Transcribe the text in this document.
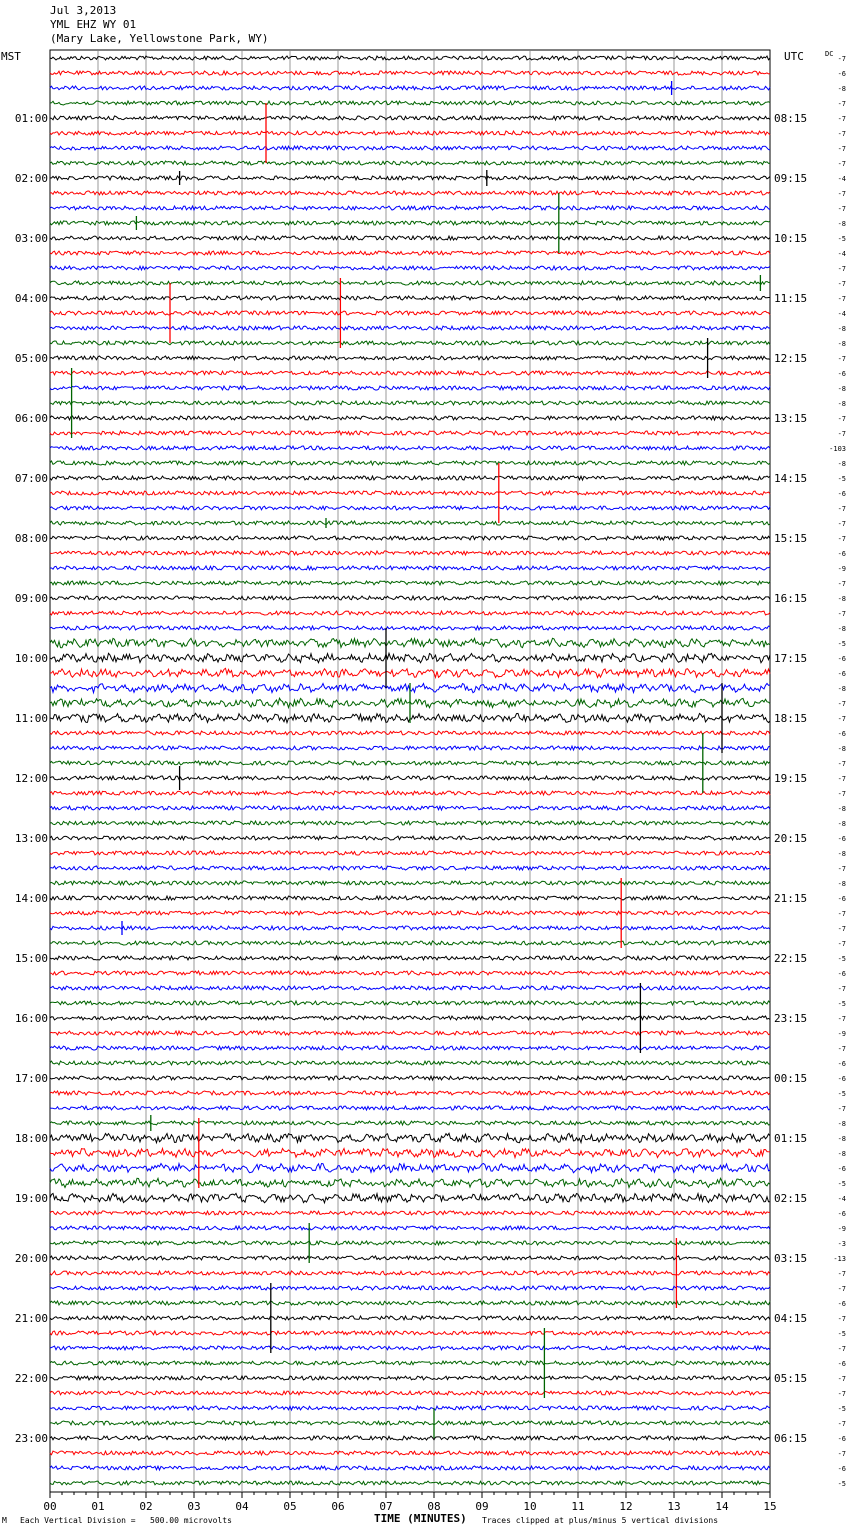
Jul 3,2013
YML EHZ WY 01
(Mary Lake, Yellowstone Park, WY)
MST	UTC
01:00
02:00
03:00
04:00
05:00
06:00
07:00
08:00
09:00
10:00
11:00
12:00
13:00
14:00
15:00
16:00
17:00
18:00
19:00
20:00
21:00
22:00
23:00
08:15
09:15
10:15
11:15
12:15
13:15
14:15
15:15
16:15
17:15
18:15
19:15
20:15
21:15
22:15
23:15
00:15
01:15
02:15
03:15
04:15
05:15
06:15
DC
-7
-6
-8
-7
-7
-7
-7
-7
-4
-7
-7
-8
-5
-4
-7
-7
-7
-4
-8
-8
-7
-6
-8
-8
-7
-7
-103
-8
-5
-6
-7
-7
-7
-6
-9
-7
-8
-7
-8
-5
-6
-6
-8
-7
-7
-6
-8
-7
-7
-7
-8
-8
-6
-8
-7
-8
-6
-7
-7
-7
-5
-6
-7
-5
-7
-9
-7
-6
-6
-5
-7
-8
-8
-8
-6
-5
-4
-6
-9
-3
-13
-7
-7
-6
-7
-5
-7
-6
-7
-7
-5
-7
-6
-7
-6
-5
00	01	02	03	04	05	06	07	08	09	10	11	12	13	14	15
M Each Vertical Division =   500.00 microvolts	TIME (MINUTES) Traces clipped at plus/minus 5 vertical divisions
